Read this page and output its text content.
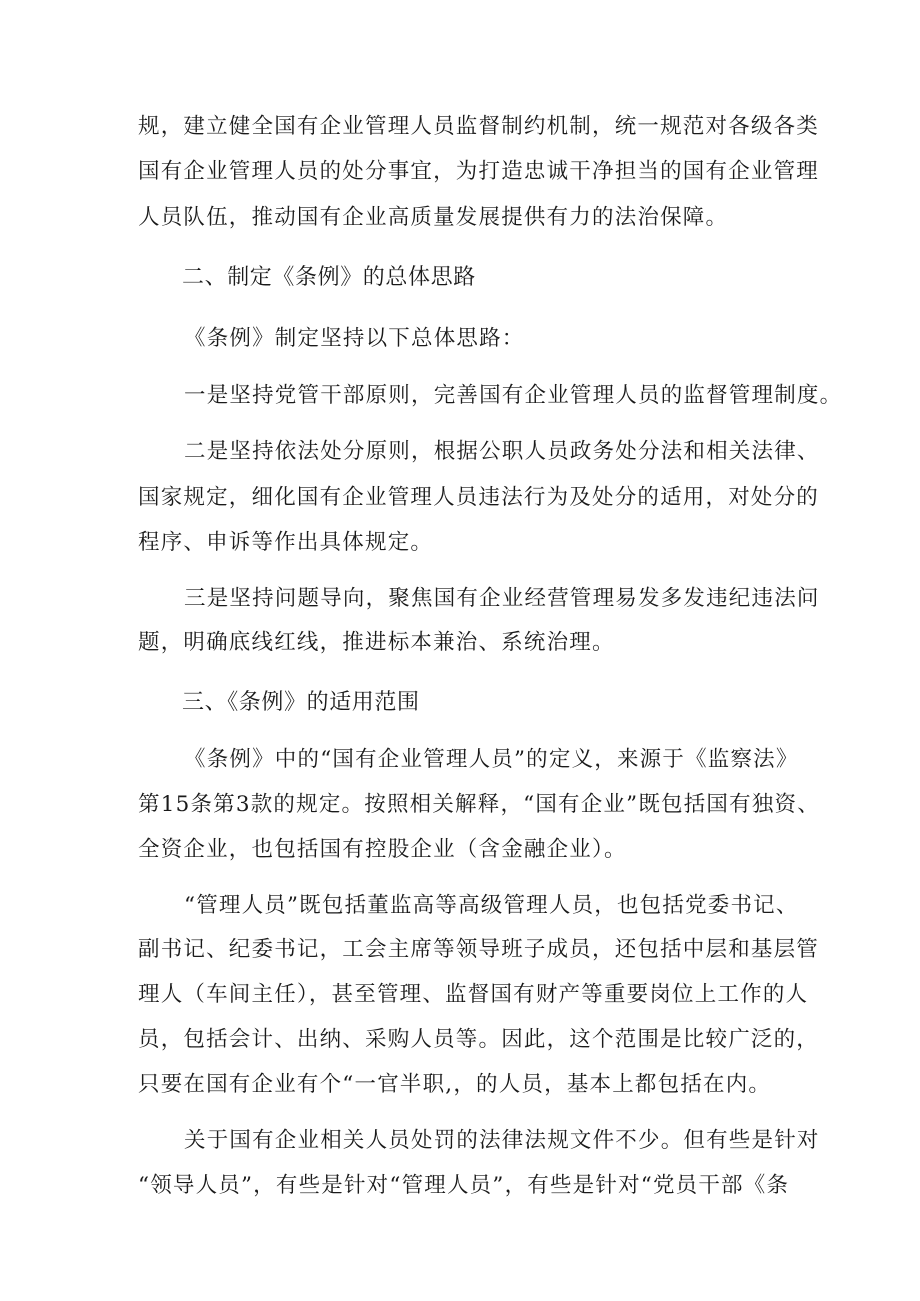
规，建立健全国有企业管理人员监督制约机制，统一规范对各级各类
国有企业管理人员的处分事宜，为打造忠诚干净担当的国有企业管理
人员队伍，推动国有企业高质量发展提供有力的法治保障。
二、制定《条例》的总体思路
《条例》制定坚持以下总体思路：
一是坚持党管干部原则，完善国有企业管理人员的监督管理制度。
二是坚持依法处分原则，根据公职人员政务处分法和相关法律、
国家规定，细化国有企业管理人员违法行为及处分的适用，对处分的
程序、申诉等作出具体规定。
三是坚持问题导向，聚焦国有企业经营管理易发多发违纪违法问
题，明确底线红线，推进标本兼治、系统治理。
三、《条例》的适用范围
《条例》中的“国有企业管理人员”的定义，来源于《监察法》
第15条第3款的规定。按照相关解释，“国有企业”既包括国有独资、
全资企业，也包括国有控股企业（含金融企业）。
“管理人员”既包括董监高等高级管理人员，也包括党委书记、
副书记、纪委书记，工会主席等领导班子成员，还包括中层和基层管
理人（车间主任），甚至管理、监督国有财产等重要岗位上工作的人
员，包括会计、出纳、采购人员等。因此，这个范围是比较广泛的，
只要在国有企业有个“一官半职,，的人员，基本上都包括在内。
关于国有企业相关人员处罚的法律法规文件不少。但有些是针对
“领导人员”，有些是针对“管理人员”，有些是针对“党员干部《条
